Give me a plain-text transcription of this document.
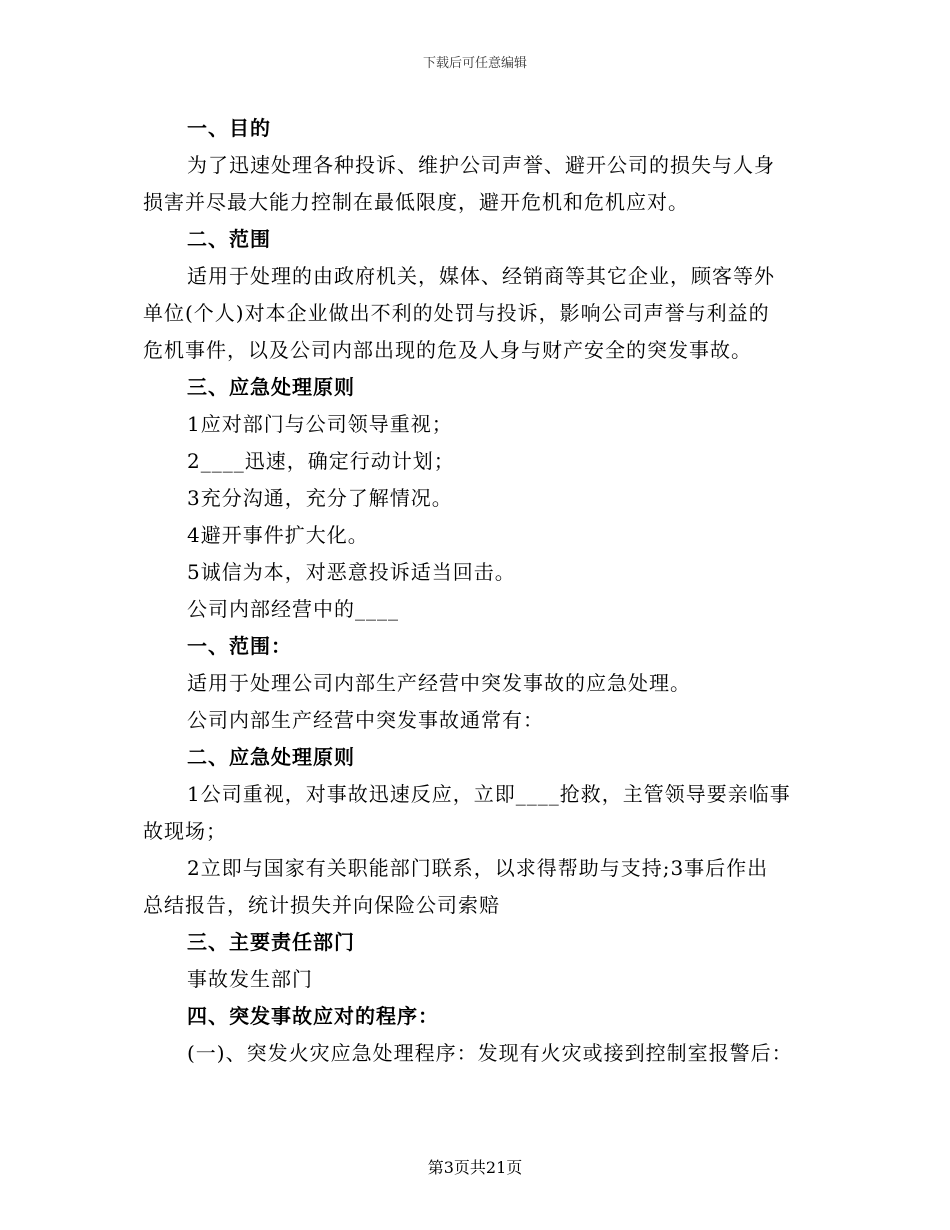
下载后可任意编辑
一、目的
为了迅速处理各种投诉、维护公司声誉、避开公司的损失与人身
损害并尽最大能力控制在最低限度，避开危机和危机应对。
二、范围
适用于处理的由政府机关，媒体、经销商等其它企业，顾客等外
单位(个人)对本企业做出不利的处罚与投诉，影响公司声誉与利益的
危机事件，以及公司内部出现的危及人身与财产安全的突发事故。
三、应急处理原则
1应对部门与公司领导重视；
2____迅速，确定行动计划；
3充分沟通，充分了解情况。
4避开事件扩大化。
5诚信为本，对恶意投诉适当回击。
公司内部经营中的____
一、范围：
适用于处理公司内部生产经营中突发事故的应急处理。
公司内部生产经营中突发事故通常有：
二、应急处理原则
1公司重视，对事故迅速反应，立即____抢救，主管领导要亲临事
故现场；
2立即与国家有关职能部门联系，以求得帮助与支持;3事后作出
总结报告，统计损失并向保险公司索赔
三、主要责任部门
事故发生部门
四、突发事故应对的程序：
(一)、突发火灾应急处理程序：发现有火灾或接到控制室报警后：
第3页共21页
